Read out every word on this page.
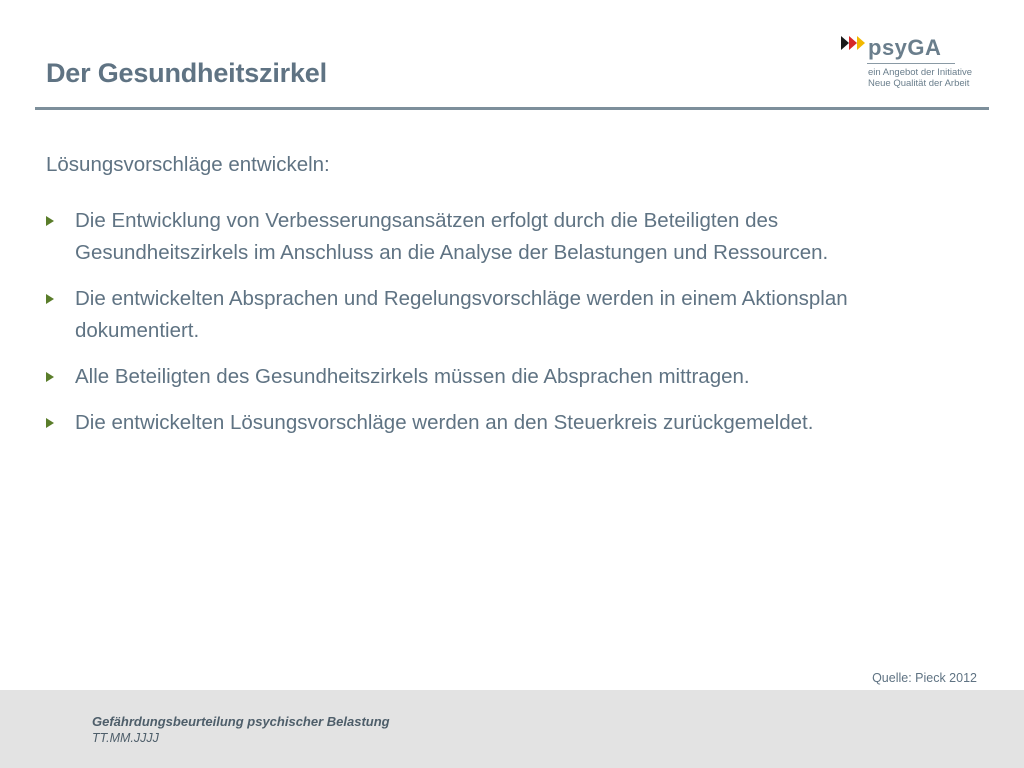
Der Gesundheitszirkel
psyGA
ein Angebot der Initiative
Neue Qualität der Arbeit
Lösungsvorschläge entwickeln:
Die Entwicklung von Verbesserungsansätzen erfolgt durch die Beteiligten des Gesundheitszirkels im Anschluss an die Analyse der Belastungen und Ressourcen.
Die entwickelten Absprachen und Regelungsvorschläge werden in einem Aktionsplan dokumentiert.
Alle Beteiligten des Gesundheitszirkels müssen die Absprachen mittragen.
Die entwickelten Lösungsvorschläge werden an den Steuerkreis zurückgemeldet.
Quelle: Pieck 2012
Gefährdungsbeurteilung psychischer Belastung
TT.MM.JJJJ
